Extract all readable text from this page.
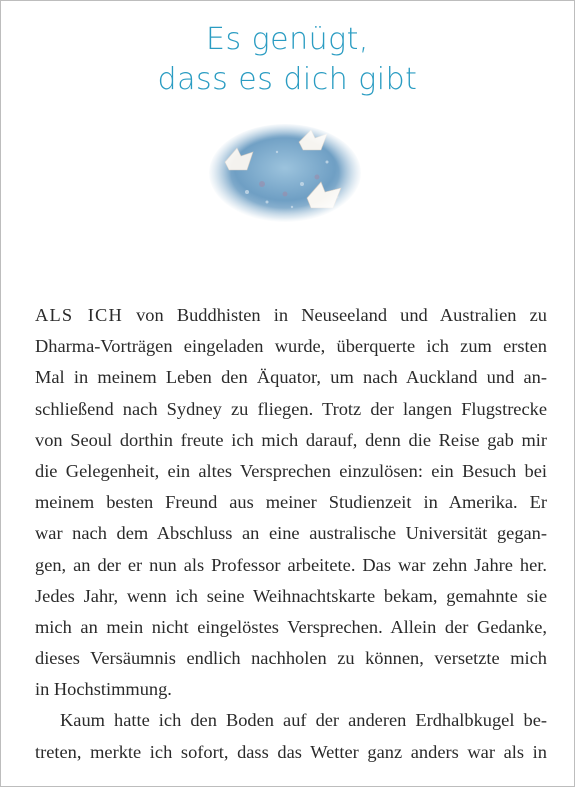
Es genügt,
dass es dich gibt
ALS ICH von Buddhisten in Neuseeland und Australien zu
Dharma-Vorträgen eingeladen wurde, überquerte ich zum ersten
Mal in meinem Leben den Äquator, um nach Auckland und an-
schließend nach Sydney zu fliegen. Trotz der langen Flugstrecke
von Seoul dorthin freute ich mich darauf, denn die Reise gab mir
die Gelegenheit, ein altes Versprechen einzulösen: ein Besuch bei
meinem besten Freund aus meiner Studienzeit in Amerika. Er
war nach dem Abschluss an eine australische Universität gegan-
gen, an der er nun als Professor arbeitete. Das war zehn Jahre her.
Jedes Jahr, wenn ich seine Weihnachtskarte bekam, gemahnte sie
mich an mein nicht eingelöstes Versprechen. Allein der Gedanke,
dieses Versäumnis endlich nachholen zu können, versetzte mich
in Hochstimmung.
Kaum hatte ich den Boden auf der anderen Erdhalbkugel be-
treten, merkte ich sofort, dass das Wetter ganz anders war als in
